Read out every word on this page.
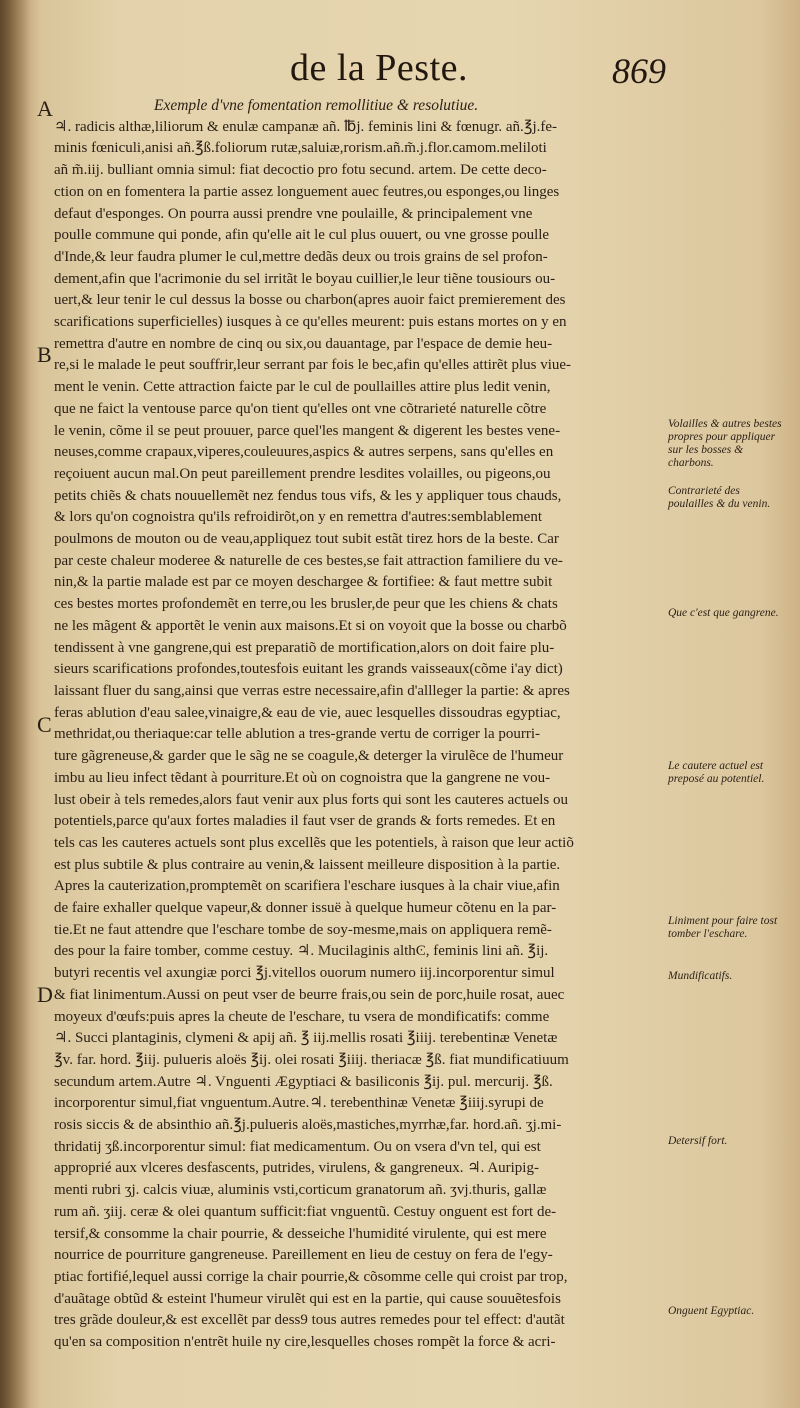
de la Peste.	869
A
B
C
D
Exemple d'vne fomentation remollitiue & resolutiue.
♃. radicis althæ,liliorum & enulæ campanæ añ. ℔j. feminis lini & fœnugr. añ.℥j.fe-
minis fœniculi,anisi añ.℥ß.foliorum rutæ,saluiæ,rorism.añ.m̃.j.flor.camom.meliloti
añ m̃.iij. bulliant omnia simul: fiat decoctio pro fotu secund. artem. De cette deco-
ction on en fomentera la partie assez longuement auec feutres,ou esponges,ou linges
defaut d'esponges. On pourra aussi prendre vne poulaille, & principalement vne
poulle commune qui ponde, afin qu'elle ait le cul plus ouuert, ou vne grosse poulle
d'Inde,& leur faudra plumer le cul,mettre dedãs deux ou trois grains de sel profon-
dement,afin que l'acrimonie du sel irritãt le boyau cuillier,le leur tiẽne tousiours ou-
uert,& leur tenir le cul dessus la bosse ou charbon(apres auoir faict premierement des
scarifications superficielles) iusques à ce qu'elles meurent: puis estans mortes on y en
remettra d'autre en nombre de cinq ou six,ou dauantage, par l'espace de demie heu-
re,si le malade le peut souffrir,leur serrant par fois le bec,afin qu'elles attirẽt plus viue-
ment le venin. Cette attraction faicte par le cul de poullailles attire plus ledit venin,
que ne faict la ventouse parce qu'on tient qu'elles ont vne cõtrarieté naturelle cõtre
le venin, cõme il se peut prouuer, parce quel'les mangent & digerent les bestes vene-
neuses,comme crapaux,viperes,couleuures,aspics & autres serpens, sans qu'elles en
reçoiuent aucun mal.On peut pareillement prendre lesdites volailles, ou pigeons,ou
petits chiẽs & chats nouuellemẽt nez fendus tous vifs, & les y appliquer tous chauds,
& lors qu'on cognoistra qu'ils refroidirõt,on y en remettra d'autres:semblablement
poulmons de mouton ou de veau,appliquez tout subit estãt tirez hors de la beste. Car
par ceste chaleur moderee & naturelle de ces bestes,se fait attraction familiere du ve-
nin,& la partie malade est par ce moyen deschargee & fortifiee: & faut mettre subit
ces bestes mortes profondemẽt en terre,ou les brusler,de peur que les chiens & chats
ne les mãgent & apportẽt le venin aux maisons.Et si on voyoit que la bosse ou charbõ
tendissent à vne gangrene,qui est preparatiõ de mortification,alors on doit faire plu-
sieurs scarifications profondes,toutesfois euitant les grands vaisseaux(cõme i'ay dict)
laissant fluer du sang,ainsi que verras estre necessaire,afin d'allleger la partie: & apres
feras ablution d'eau salee,vinaigre,& eau de vie, auec lesquelles dissoudras egyptiac,
methridat,ou theriaque:car telle ablution a tres-grande vertu de corriger la pourri-
ture gãgreneuse,& garder que le sãg ne se coagule,& deterger la virulẽce de l'humeur
imbu au lieu infect tẽdant à pourriture.Et où on cognoistra que la gangrene ne vou-
lust obeir à tels remedes,alors faut venir aux plus forts qui sont les cauteres actuels ou
potentiels,parce qu'aux fortes maladies il faut vser de grands & forts remedes. Et en
tels cas les cauteres actuels sont plus excellẽs que les potentiels, à raison que leur actiõ
est plus subtile & plus contraire au venin,& laissent meilleure disposition à la partie.
Apres la cauterization,promptemẽt on scarifiera l'eschare iusques à la chair viue,afin
de faire exhaller quelque vapeur,& donner issuë à quelque humeur cõtenu en la par-
tie.Et ne faut attendre que l'eschare tombe de soy-mesme,mais on appliquera remẽ-
des pour la faire tomber, comme cestuy. ♃. Mucilaginis althϾ, feminis lini añ. ℥ij.
butyri recentis vel axungiæ porci ℥j.vitellos ouorum numero iij.incorporentur simul
& fiat linimentum.Aussi on peut vser de beurre frais,ou sein de porc,huile rosat, auec
moyeux d'œufs:puis apres la cheute de l'eschare, tu vsera de mondificatifs: comme
♃. Succi plantaginis, clymeni & apij añ. ℥ iij.mellis rosati ℥iiij. terebentinæ Venetæ
℥v. far. hord. ℥iij. pulueris aloës ℥ij. olei rosati ℥iiij. theriacæ ℥ß. fiat mundificatiuum
secundum artem.Autre ♃. Vnguenti Ægyptiaci & basiliconis ℥ij. pul. mercurij. ℥ß.
incorporentur simul,fiat vnguentum.Autre.♃. terebenthinæ Venetæ ℥iiij.syrupi de
rosis siccis & de absinthio añ.℥j.pulueris aloës,mastiches,myrrhæ,far. hord.añ. ʒj.mi-
thridatij ʒß.incorporentur simul: fiat medicamentum. Ou on vsera d'vn tel, qui est
approprié aux vlceres desfascents, putrides, virulens, & gangreneux. ♃. Auripig-
menti rubri ʒj. calcis viuæ, aluminis vsti,corticum granatorum añ. ʒvj.thuris, gallæ
rum añ. ʒiij. ceræ & olei quantum sufficit:fiat vnguentũ. Cestuy onguent est fort de-
tersif,& consomme la chair pourrie, & desseiche l'humidité virulente, qui est mere
nourrice de pourriture gangreneuse. Pareillement en lieu de cestuy on fera de l'egy-
ptiac fortifié,lequel aussi corrige la chair pourrie,& cõsomme celle qui croist par trop,
d'auãtage obtũd & esteint l'humeur virulẽt qui est en la partie, qui cause souuẽtesfois
tres grãde douleur,& est excellẽt par dess9 tous autres remedes pour tel effect: d'autãt
qu'en sa composition n'entrẽt huile ny cire,lesquelles choses rompẽt la force & acri-
Volailles & autres bestes propres pour appliquer sur les bosses & charbons.
Contrarieté des poulailles & du venin.
Que c'est que gangrene.
Le cautere actuel est preposé au potentiel.
Liniment pour faire tost tomber l'eschare.
Mundificatifs.
Detersif fort.
Onguent Egyptiac.
